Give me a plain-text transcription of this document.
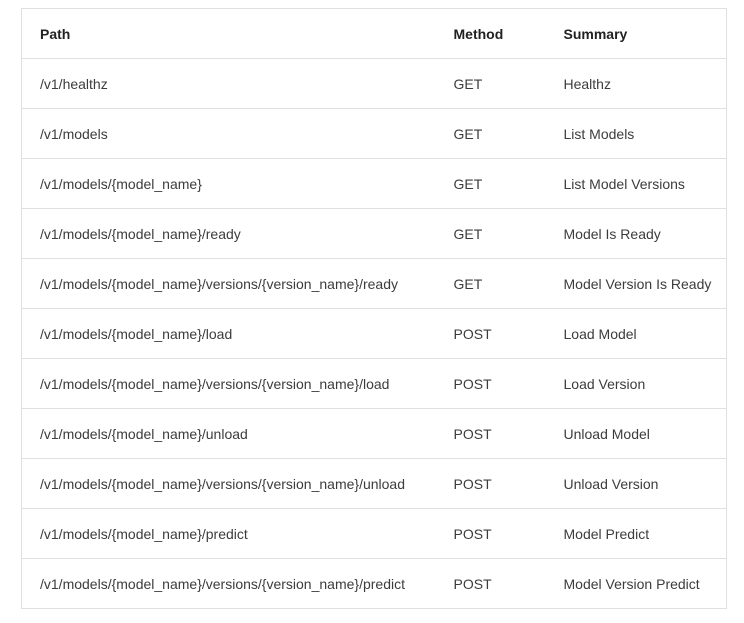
Path	Method	Summary
/v1/healthz	GET	Healthz
/v1/models	GET	List Models
/v1/models/{model_name}	GET	List Model Versions
/v1/models/{model_name}/ready	GET	Model Is Ready
/v1/models/{model_name}/versions/{version_name}/ready	GET	Model Version Is Ready
/v1/models/{model_name}/load	POST	Load Model
/v1/models/{model_name}/versions/{version_name}/load	POST	Load Version
/v1/models/{model_name}/unload	POST	Unload Model
/v1/models/{model_name}/versions/{version_name}/unload	POST	Unload Version
/v1/models/{model_name}/predict	POST	Model Predict
/v1/models/{model_name}/versions/{version_name}/predict	POST	Model Version Predict
